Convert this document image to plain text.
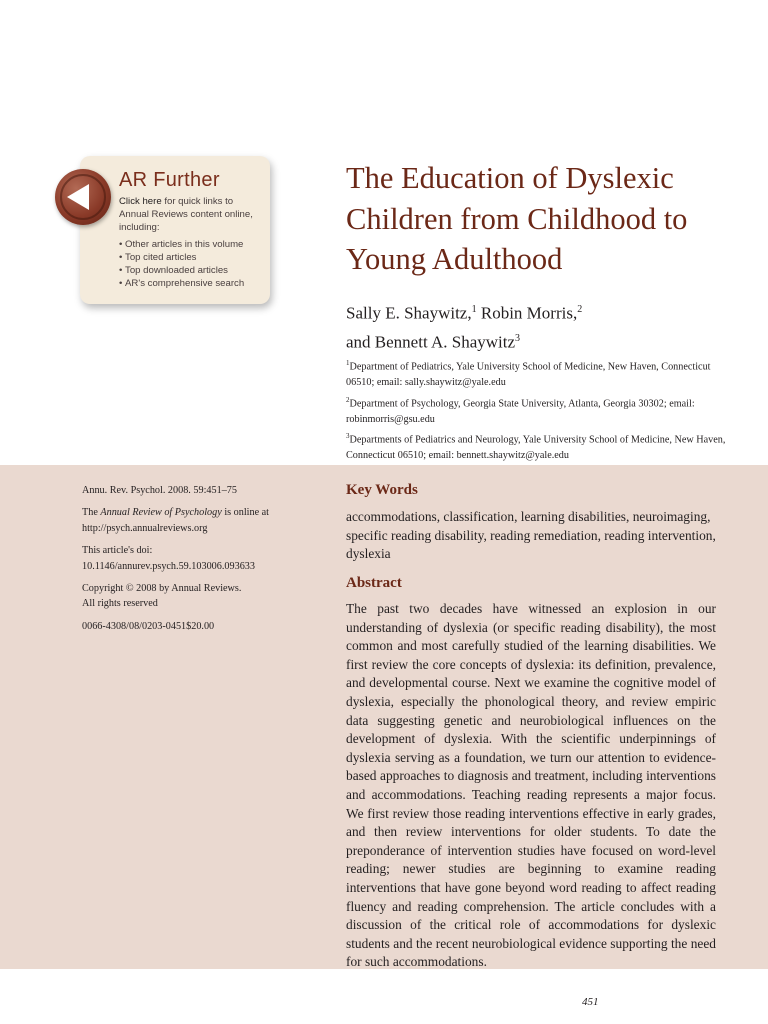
AR Further
Click here for quick links to Annual Reviews content online, including:
• Other articles in this volume
• Top cited articles
• Top downloaded articles
• AR's comprehensive search
The Education of Dyslexic Children from Childhood to Young Adulthood
Sally E. Shaywitz,$^1$ Robin Morris,$^2$
and Bennett A. Shaywitz$^3$
$^1$Department of Pediatrics, Yale University School of Medicine, New Haven, Connecticut 06510; email: sally.shaywitz@yale.edu
$^2$Department of Psychology, Georgia State University, Atlanta, Georgia 30302; email: robinmorris@gsu.edu
$^3$Departments of Pediatrics and Neurology, Yale University School of Medicine, New Haven, Connecticut 06510; email: bennett.shaywitz@yale.edu

Annu. Rev. Psychol. 2008. 59:451–75

The Annual Review of Psychology is online at http://psych.annualreviews.org

This article's doi:
10.1146/annurev.psych.59.103006.093633

Copyright © 2008 by Annual Reviews.
All rights reserved

0066-4308/08/0203-0451$20.00

Key Words
accommodations, classification, learning disabilities, neuroimaging, specific reading disability, reading remediation, reading intervention, dyslexia
Abstract
The past two decades have witnessed an explosion in our understanding of dyslexia (or specific reading disability), the most common and most carefully studied of the learning disabilities. We first review the core concepts of dyslexia: its definition, prevalence, and developmental course. Next we examine the cognitive model of dyslexia, especially the phonological theory, and review empiric data suggesting genetic and neurobiological influences on the development of dyslexia. With the scientific underpinnings of dyslexia serving as a foundation, we turn our attention to evidence-based approaches to diagnosis and treatment, including interventions and accommodations. Teaching reading represents a major focus. We first review those reading interventions effective in early grades, and then review interventions for older students. To date the preponderance of intervention studies have focused on word-level reading; newer studies are beginning to examine reading interventions that have gone beyond word reading to affect reading fluency and reading comprehension. The article concludes with a discussion of the critical role of accommodations for dyslexic students and the recent neurobiological evidence supporting the need for such accommodations.
451
